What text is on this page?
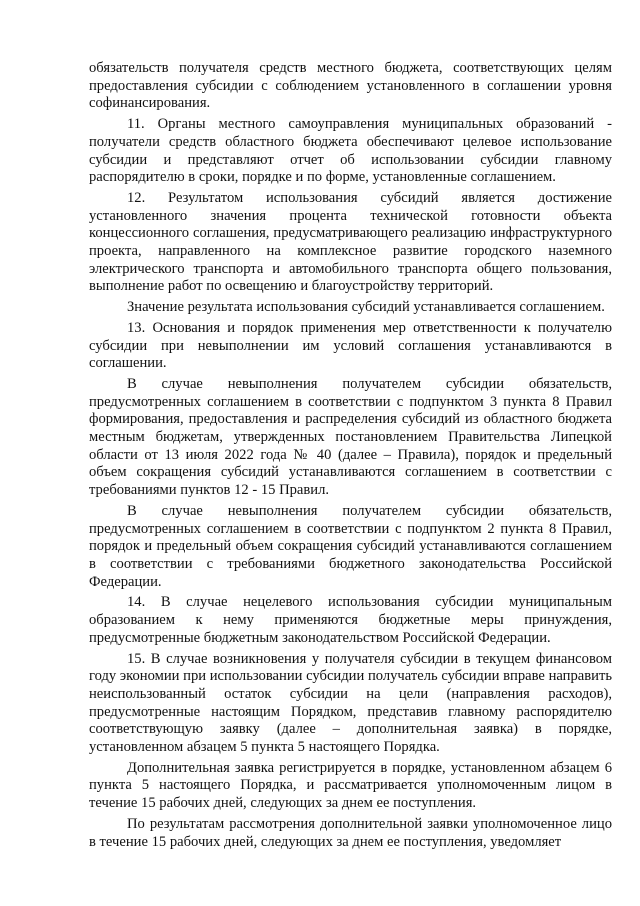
обязательств получателя средств местного бюджета, соответствующих целям предоставления субсидии с соблюдением установленного в соглашении уровня софинансирования.

11. Органы местного самоуправления муниципальных образований - получатели средств областного бюджета обеспечивают целевое использование субсидии и представляют отчет об использовании субсидии главному распорядителю в сроки, порядке и по форме, установленные соглашением.

12. Результатом использования субсидий является достижение установленного значения процента технической готовности объекта концессионного соглашения, предусматривающего реализацию инфраструктурного проекта, направленного на комплексное развитие городского наземного электрического транспорта и автомобильного транспорта общего пользования, выполнение работ по освещению и благоустройству территорий.

Значение результата использования субсидий устанавливается соглашением.

13. Основания и порядок применения мер ответственности к получателю субсидии при невыполнении им условий соглашения устанавливаются в соглашении.

В случае невыполнения получателем субсидии обязательств, предусмотренных соглашением в соответствии с подпунктом 3 пункта 8 Правил формирования, предоставления и распределения субсидий из областного бюджета местным бюджетам, утвержденных постановлением Правительства Липецкой области от 13 июля 2022 года № 40 (далее – Правила), порядок и предельный объем сокращения субсидий устанавливаются соглашением в соответствии с требованиями пунктов 12 - 15 Правил.

В случае невыполнения получателем субсидии обязательств, предусмотренных соглашением в соответствии с подпунктом 2 пункта 8 Правил, порядок и предельный объем сокращения субсидий устанавливаются соглашением в соответствии с требованиями бюджетного законодательства Российской Федерации.

14. В случае нецелевого использования субсидии муниципальным образованием к нему применяются бюджетные меры принуждения, предусмотренные бюджетным законодательством Российской Федерации.

15. В случае возникновения у получателя субсидии в текущем финансовом году экономии при использовании субсидии получатель субсидии вправе направить неиспользованный остаток субсидии на цели (направления расходов), предусмотренные настоящим Порядком, представив главному распорядителю соответствующую заявку (далее – дополнительная заявка) в порядке, установленном абзацем 5 пункта 5 настоящего Порядка.

Дополнительная заявка регистрируется в порядке, установленном абзацем 6 пункта 5 настоящего Порядка, и рассматривается уполномоченным лицом в течение 15 рабочих дней, следующих за днем ее поступления.

По результатам рассмотрения дополнительной заявки уполномоченное лицо в течение 15 рабочих дней, следующих за днем ее поступления, уведомляет
